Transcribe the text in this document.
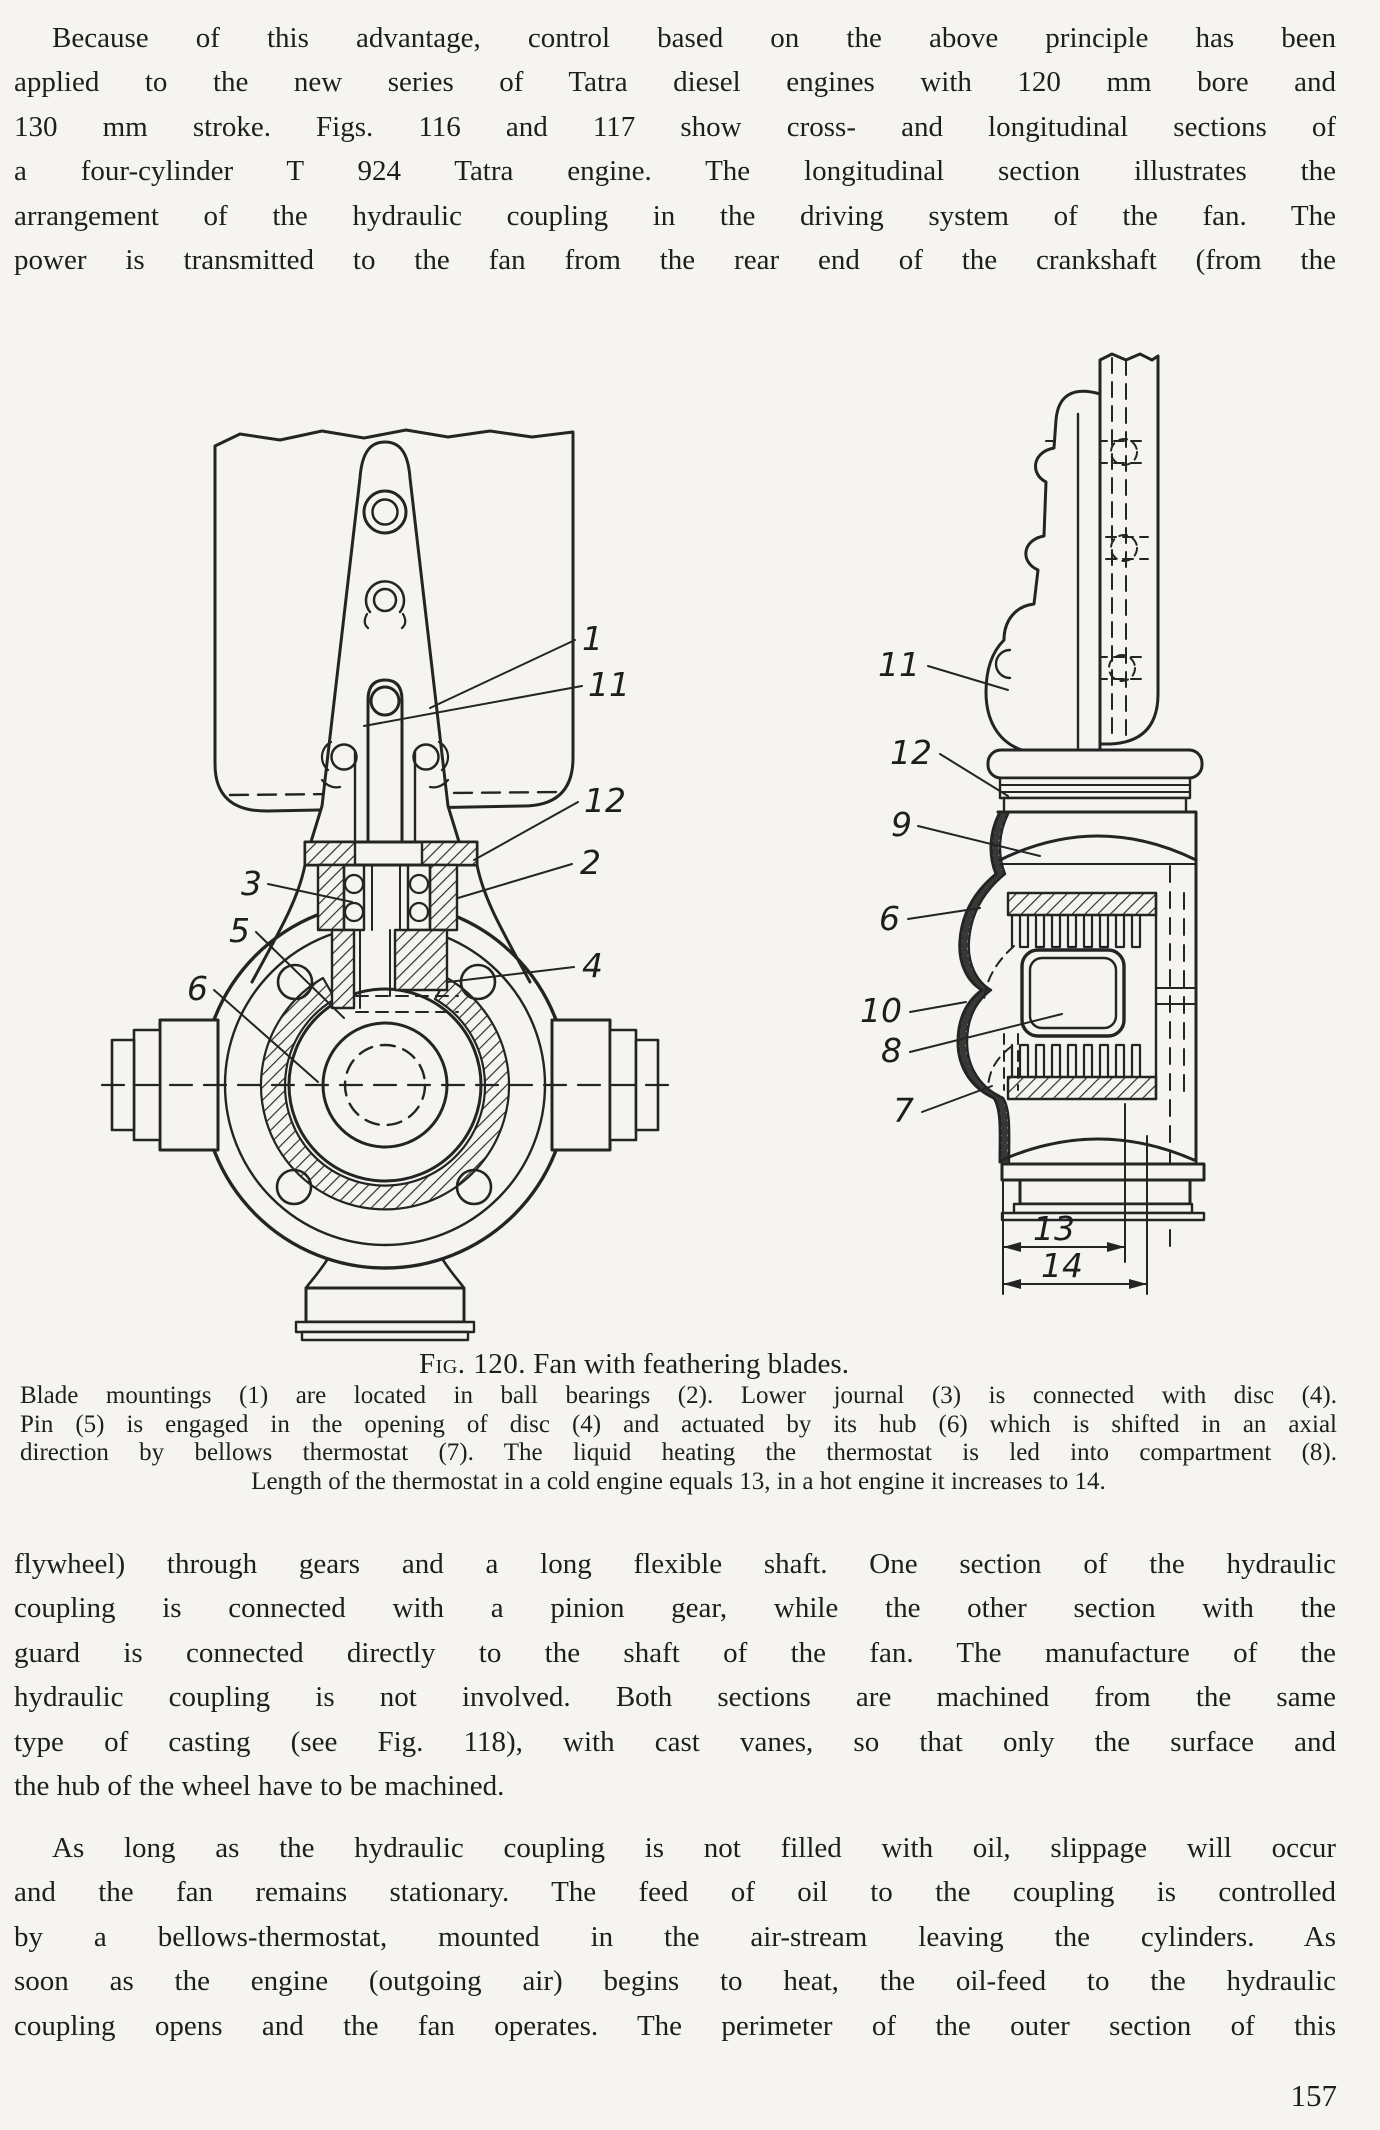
Because of this advantage, control based on the above principle has been
applied to the new series of Tatra diesel engines with 120 mm bore and
130 mm stroke. Figs. 116 and 117 show cross- and longitudinal sections of
a four-cylinder T 924 Tatra engine. The longitudinal section illustrates the
arrangement of the hydraulic coupling in the driving system of the fan. The
power is transmitted to the fan from the rear end of the crankshaft (from the
1
11
12
2
3
5
6
4
11
12
9
6
10
8
7
13
14
Fig. 120. Fan with feathering blades.
Blade mountings (1) are located in ball bearings (2). Lower journal (3) is connected with disc (4).
Pin (5) is engaged in the opening of disc (4) and actuated by its hub (6) which is shifted in an axial
direction by bellows thermostat (7). The liquid heating the thermostat is led into compartment (8).
Length of the thermostat in a cold engine equals 13, in a hot engine it increases to 14.
flywheel) through gears and a long flexible shaft. One section of the hydraulic
coupling is connected with a pinion gear, while the other section with the
guard is connected directly to the shaft of the fan. The manufacture of the
hydraulic coupling is not involved. Both sections are machined from the same
type of casting (see Fig. 118), with cast vanes, so that only the surface and
the hub of the wheel have to be machined.
As long as the hydraulic coupling is not filled with oil, slippage will occur
and the fan remains stationary. The feed of oil to the coupling is controlled
by a bellows-thermostat, mounted in the air-stream leaving the cylinders. As
soon as the engine (outgoing air) begins to heat, the oil-feed to the hydraulic
coupling opens and the fan operates. The perimeter of the outer section of this
157
